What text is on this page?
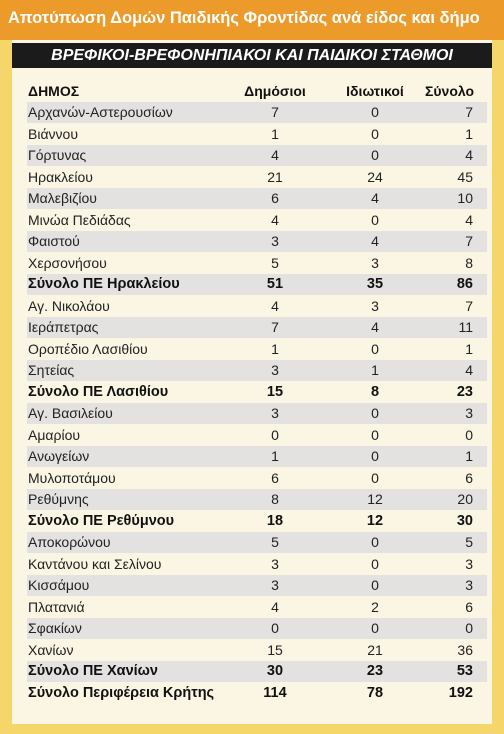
Αποτύπωση Δομών Παιδικής Φροντίδας ανά είδος και δήμο
ΒΡΕΦΙΚΟΙ-ΒΡΕΦΟΝΗΠΙΑΚΟΙ ΚΑΙ ΠΑΙΔΙΚΟΙ ΣΤΑΘΜΟΙ
ΔΗΜΟΣ	Δημόσιοι	Ιδιωτικοί	Σύνολο
Αρχανών-Αστερουσίων	7	0	7
Βιάννου	1	0	1
Γόρτυνας	4	0	4
Ηρακλείου	21	24	45
Μαλεβιζίου	6	4	10
Μινώα Πεδιάδας	4	0	4
Φαιστού	3	4	7
Χερσονήσου	5	3	8
Σύνολο ΠΕ Ηρακλείου	51	35	86
Αγ. Νικολάου	4	3	7
Ιεράπετρας	7	4	11
Οροπέδιο Λασιθίου	1	0	1
Σητείας	3	1	4
Σύνολο ΠΕ Λασιθίου	15	8	23
Αγ. Βασιλείου	3	0	3
Αμαρίου	0	0	0
Ανωγείων	1	0	1
Μυλοποτάμου	6	0	6
Ρεθύμνης	8	12	20
Σύνολο ΠΕ Ρεθύμνου	18	12	30
Αποκορώνου	5	0	5
Καντάνου και Σελίνου	3	0	3
Κισσάμου	3	0	3
Πλατανιά	4	2	6
Σφακίων	0	0	0
Χανίων	15	21	36
Σύνολο ΠΕ Χανίων	30	23	53
Σύνολο Περιφέρεια Κρήτης	114	78	192
